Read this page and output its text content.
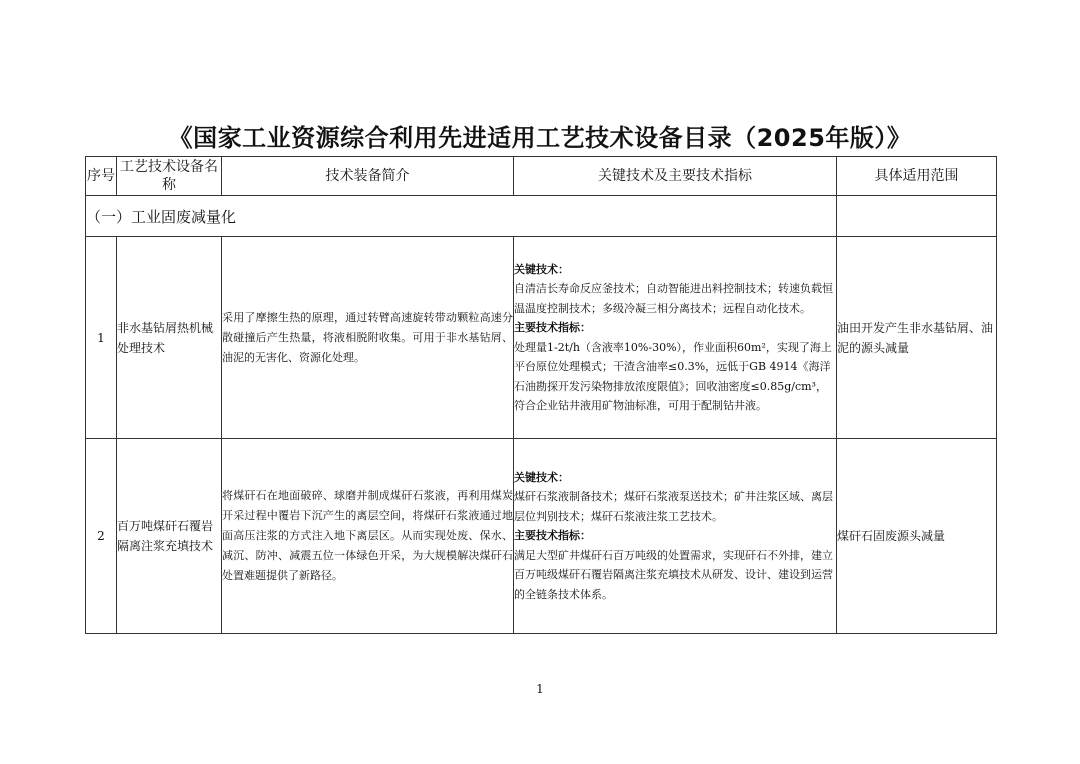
《国家工业资源综合利用先进适用工艺技术设备目录（2025年版）》
序号	工艺技术设备名称	技术装备简介	关键技术及主要技术指标	具体适用范围
（一）工业固废减量化				
1	非水基钻屑热机械处理技术	采用了摩擦生热的原理，通过转臂高速旋转带动颗粒高速分散碰撞后产生热量，将液相脱附收集。可用于非水基钻屑、油泥的无害化、资源化处理。	关键技术：
自清洁长寿命反应釜技术；自动智能进出料控制技术；转速负载恒温温度控制技术；多级冷凝三相分离技术；远程自动化技术。
主要技术指标：
处理量1-2t/h（含液率10%-30%），作业面积60m²，实现了海上平台原位处理模式；干渣含油率≤0.3%，远低于GB 4914《海洋石油勘探开发污染物排放浓度限值》；回收油密度≤0.85g/cm³，符合企业钻井液用矿物油标准，可用于配制钻井液。	油田开发产生非水基钻屑、油泥的源头减量
2	百万吨煤矸石覆岩隔离注浆充填技术	将煤矸石在地面破碎、球磨并制成煤矸石浆液，再利用煤炭开采过程中覆岩下沉产生的离层空间，将煤矸石浆液通过地面高压注浆的方式注入地下离层区。从而实现处废、保水、减沉、防冲、减震五位一体绿色开采，为大规模解决煤矸石处置难题提供了新路径。	关键技术：
煤矸石浆液制备技术；煤矸石浆液泵送技术；矿井注浆区域、离层层位判别技术；煤矸石浆液注浆工艺技术。
主要技术指标：
满足大型矿井煤矸石百万吨级的处置需求，实现矸石不外排，建立百万吨级煤矸石覆岩隔离注浆充填技术从研发、设计、建设到运营的全链条技术体系。	煤矸石固废源头减量
1
